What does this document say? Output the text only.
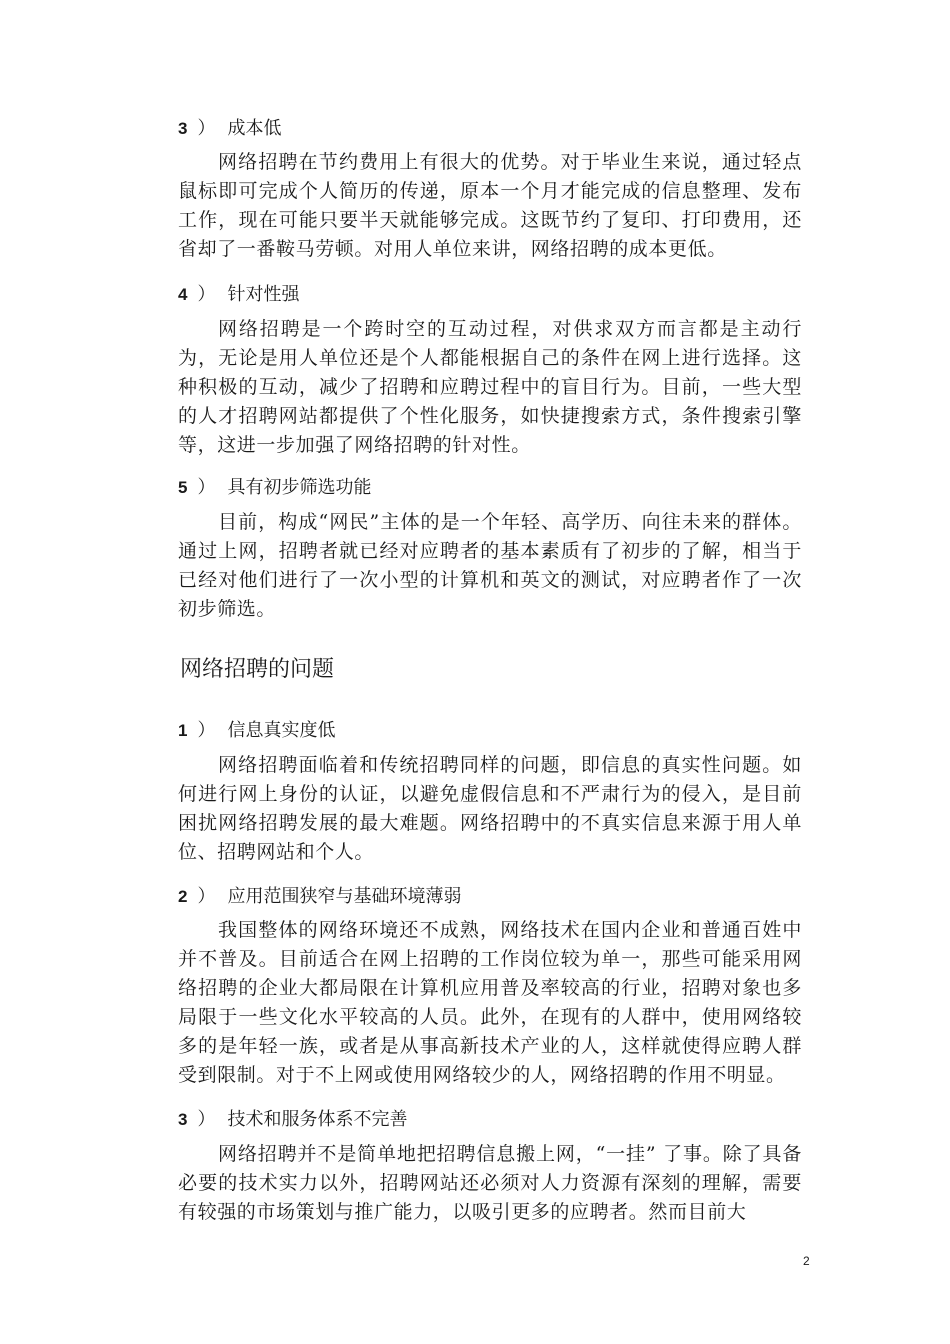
3 ） 成本低

网络招聘在节约费用上有很大的优势。对于毕业生来说，通过轻点鼠标即可完成个人简历的传递，原本一个月才能完成的信息整理、发布工作，现在可能只要半天就能够完成。这既节约了复印、打印费用，还省却了一番鞍马劳顿。对用人单位来讲，网络招聘的成本更低。

4 ） 针对性强

网络招聘是一个跨时空的互动过程，对供求双方而言都是主动行为，无论是用人单位还是个人都能根据自己的条件在网上进行选择。这种积极的互动，减少了招聘和应聘过程中的盲目行为。目前，一些大型的人才招聘网站都提供了个性化服务，如快捷搜索方式，条件搜索引擎等，这进一步加强了网络招聘的针对性。

5 ） 具有初步筛选功能

目前，构成“网民”主体的是一个年轻、高学历、向往未来的群体。通过上网，招聘者就已经对应聘者的基本素质有了初步的了解，相当于已经对他们进行了一次小型的计算机和英文的测试，对应聘者作了一次初步筛选。

网络招聘的问题
1 ） 信息真实度低

网络招聘面临着和传统招聘同样的问题，即信息的真实性问题。如何进行网上身份的认证，以避免虚假信息和不严肃行为的侵入，是目前困扰网络招聘发展的最大难题。网络招聘中的不真实信息来源于用人单位、招聘网站和个人。

2 ） 应用范围狭窄与基础环境薄弱

我国整体的网络环境还不成熟，网络技术在国内企业和普通百姓中并不普及。目前适合在网上招聘的工作岗位较为单一，那些可能采用网络招聘的企业大都局限在计算机应用普及率较高的行业，招聘对象也多局限于一些文化水平较高的人员。此外，在现有的人群中，使用网络较多的是年轻一族，或者是从事高新技术产业的人，这样就使得应聘人群受到限制。对于不上网或使用网络较少的人，网络招聘的作用不明显。

3 ） 技术和服务体系不完善

网络招聘并不是简单地把招聘信息搬上网，“一挂” 了事。除了具备必要的技术实力以外，招聘网站还必须对人力资源有深刻的理解，需要有较强的市场策划与推广能力，以吸引更多的应聘者。然而目前大

2
